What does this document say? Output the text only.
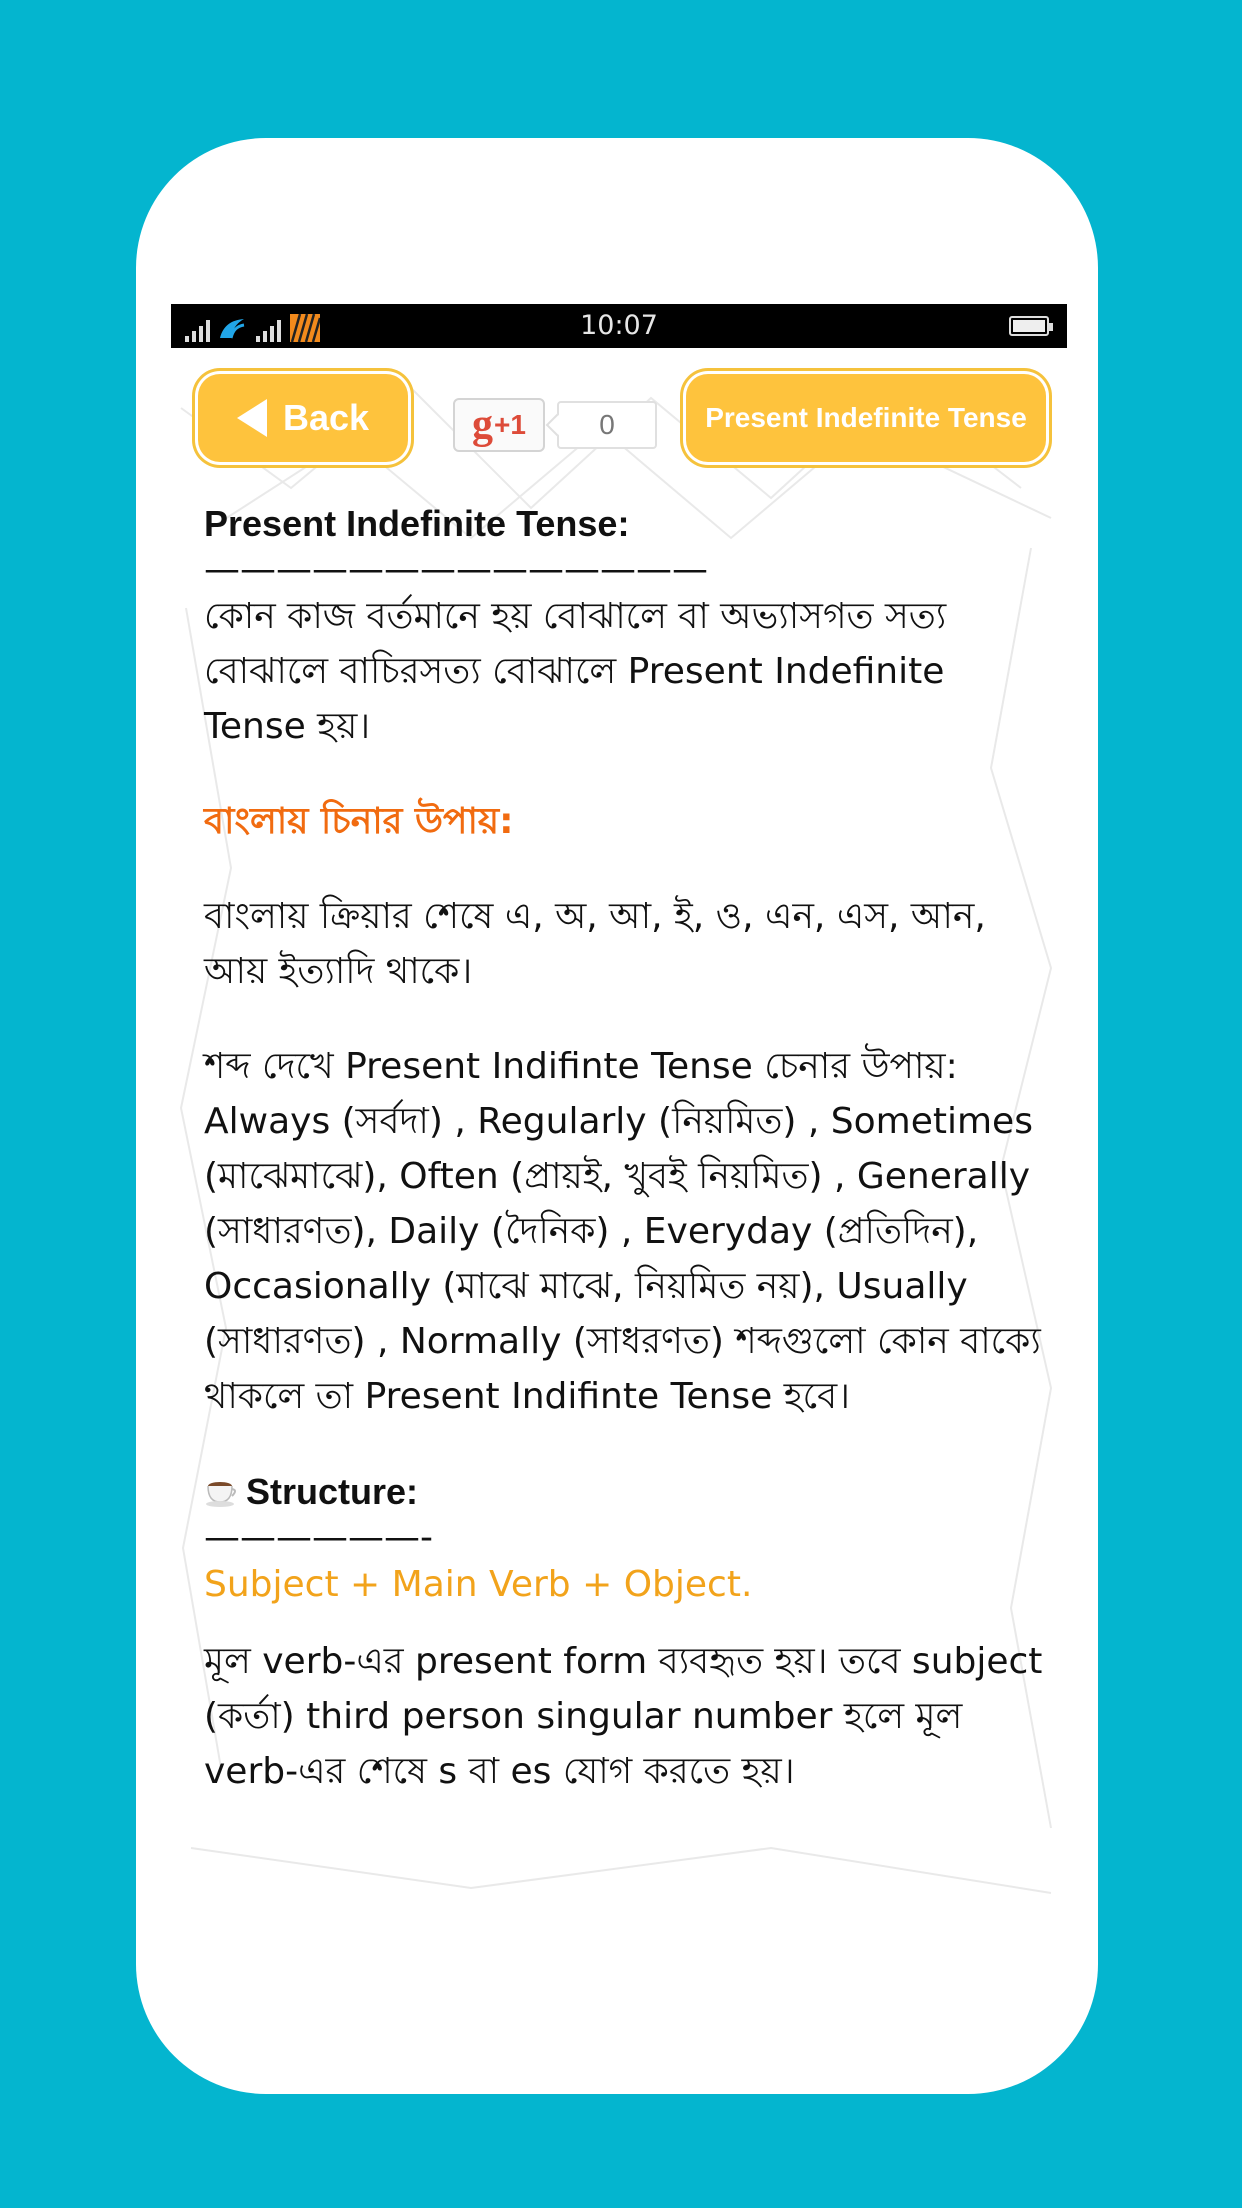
10:07
Back g +1	0	Present Indefinite Tense

Present Indefinite Tense:

——————————————

কোন কাজ বর্তমানে হয় বোঝালে বা অভ্যাসগত সত্য বোঝালে বাচিরসত্য বোঝালে Present Indefinite Tense হয়।

বাংলায় চিনার উপায়:

বাংলায় ক্রিয়ার শেষে এ, অ, আ, ই, ও, এন, এস, আন, আয় ইত্যাদি থাকে।

শব্দ দেখে Present Indifinte Tense চেনার উপায়: Always (সর্বদা) , Regularly (নিয়মিত) , Sometimes (মাঝেমাঝে), Often (প্রায়ই, খুবই নিয়মিত) , Generally (সাধারণত), Daily (দৈনিক) , Everyday (প্রতিদিন), Occasionally (মাঝে মাঝে, নিয়মিত নয়), Usually (সাধারণত) , Normally (সাধরণত) শব্দগুলো কোন বাক্যে থাকলে তা Present Indifinte Tense হবে।

Structure:

——————-

Subject + Main Verb + Object.

মূল verb-এর present form ব্যবহৃত হয়। তবে subject (কর্তা) third person singular number হলে মূল verb-এর শেষে s বা es যোগ করতে হয়।
